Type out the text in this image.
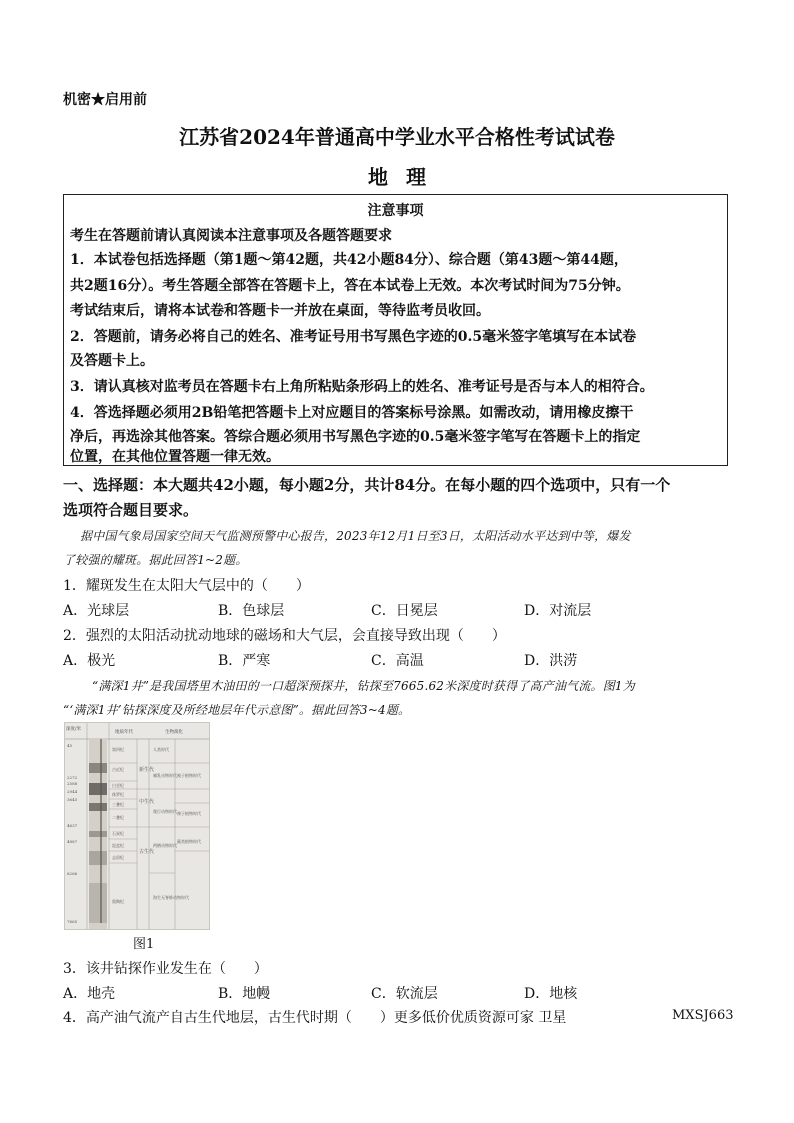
机密★启用前
江苏省2024年普通高中学业水平合格性考试试卷
地理
注意事项
考生在答题前请认真阅读本注意事项及各题答题要求
1．本试卷包括选择题（第1题～第42题，共42小题84分）、综合题（第43题～第44题，
共2题16分）。考生答题全部答在答题卡上，答在本试卷上无效。本次考试时间为75分钟。
考试结束后，请将本试卷和答题卡一并放在桌面，等待监考员收回。
2．答题前，请务必将自己的姓名、准考证号用书写黑色字迹的0.5毫米签字笔填写在本试卷
及答题卡上。
3．请认真核对监考员在答题卡右上角所粘贴条形码上的姓名、准考证号是否与本人的相符合。
4．答选择题必须用2B铅笔把答题卡上对应题目的答案标号涂黑。如需改动，请用橡皮擦干
净后，再选涂其他答案。答综合题必须用书写黑色字迹的0.5毫米签字笔写在答题卡上的指定
位置，在其他位置答题一律无效。
一、选择题：本大题共42小题，每小题2分，共计84分。在每小题的四个选项中，只有一个
选项符合题目要求。
据中国气象局国家空间天气监测预警中心报告，2023年12月1日至3日，太阳活动水平达到中等，爆发
了较强的耀斑。据此回答1~2题。
1．耀斑发生在太阳大气层中的（　　）
A．光球层	B．色球层	C．日冕层	D．对流层
2．强烈的太阳活动扰动地球的磁场和大气层，会直接导致出现（　　）
A．极光	B．严寒	C．高温	D．洪涝
“满深1井”是我国塔里木油田的一口超深预探井，钻探至7665.62米深度时获得了高产油气流。图1为
“‘满深1井’钻探深度及所经地层年代示意图”。据此回答3~4题。
深度/米
地质年代	生物演化
45
2272
2588
2944
3645
4637
4887
6266
7665
第四纪
古近纪
白垩纪
侏罗纪
三叠纪
二叠纪
石炭纪
泥盆纪
志留纪
奥陶纪
新生代
中生代
古生代
人类时代
哺乳动物时代 被子植物时代
爬行动物时代 裸子植物时代
两栖动物时代
蕨类植物时代
海生无脊椎动物时代
图1
3．该井钻探作业发生在（　　）
A．地壳	B．地幔	C．软流层	D．地核
4．高产油气流产自古生代地层，古生代时期（　　）更多低价优质资源可家 卫星	MXSJ663
